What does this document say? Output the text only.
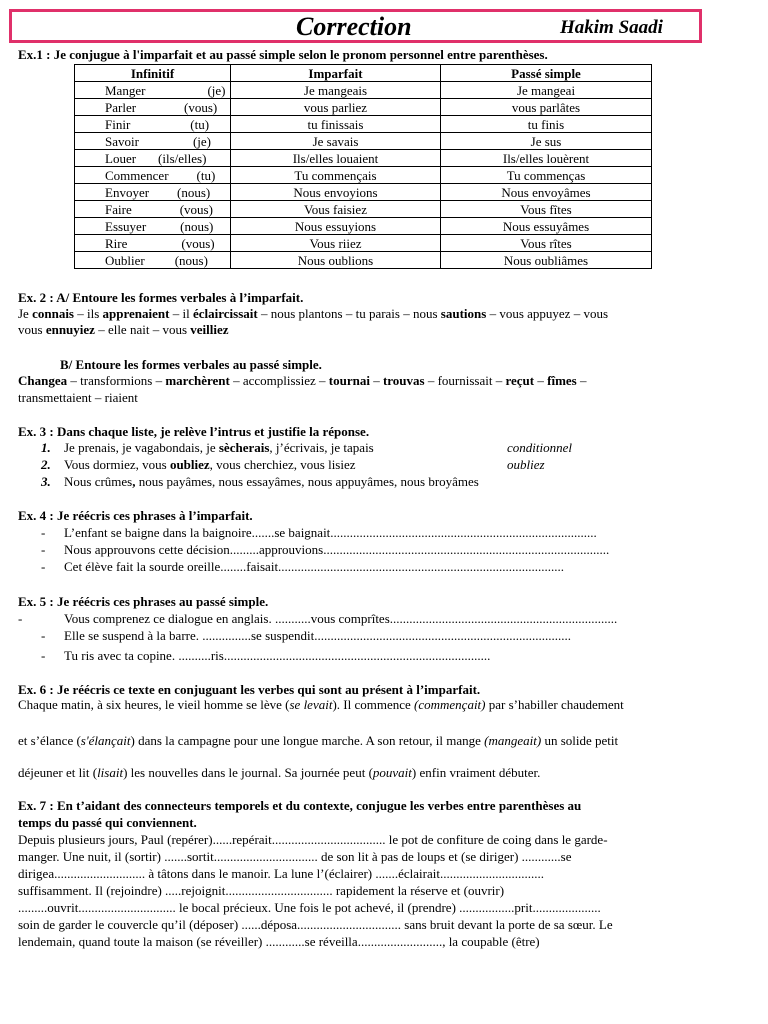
Correction	Hakim Saadi
Ex.1 : Je conjugue à l'imparfait et au passé simple selon le pronom personnel entre parenthèses.
Infinitif	Imparfait	Passé simple
Manger (je)	Je mangeais	Je mangeai
Parler (vous)	vous parliez	vous parlâtes
Finir (tu)	tu finissais	tu finis
Savoir (je)	Je savais	Je sus
Louer (ils/elles)	Ils/elles louaient	Ils/elles louèrent
Commencer (tu)	Tu commençais	Tu commenças
Envoyer (nous)	Nous envoyions	Nous envoyâmes
Faire (vous)	Vous faisiez	Vous fîtes
Essuyer (nous)	Nous essuyions	Nous essuyâmes
Rire (vous)	Vous riiez	Vous rîtes
Oublier (nous)	Nous oublions	Nous oubliâmes
Ex. 2 : A/ Entoure les formes verbales à l’imparfait.
Je connais – ils apprenaient – il éclaircissait – nous plantons – tu parais – nous sautions – vous appuyez – vous
vous ennuyiez – elle nait – vous veilliez
B/ Entoure les formes verbales au passé simple.
Changea – transformions – marchèrent – accomplissiez – tournai – trouvas – fournissait – reçut – fîmes –
transmettaient – riaient
Ex. 3 : Dans chaque liste, je relève l’intrus et justifie la réponse.
1. Je prenais, je vagabondais, je sècherais, j’écrivais, je tapais	conditionnel
2. Vous dormiez, vous oubliez, vous cherchiez, vous lisiez	oubliez
3. Nous crûmes, nous payâmes, nous essayâmes, nous appuyâmes, nous broyâmes
Ex. 4 : Je réécris ces phrases à l’imparfait.
- L’enfant se baigne dans la baignoire.......se baignait..................................................................................
- Nous approuvons cette décision.........approuvions........................................................................................
- Cet élève fait la sourde oreille........faisait........................................................................................
Ex. 5 : Je réécris ces phrases au passé simple.
-	Vous comprenez ce dialogue en anglais. ...........vous comprîtes......................................................................
- Elle se suspend à la barre. ...............se suspendit...............................................................................
- Tu ris avec ta copine. ..........ris..................................................................................
Ex. 6 : Je réécris ce texte en conjuguant les verbes qui sont au présent à l’imparfait.
Chaque matin, à six heures, le vieil homme se lève (se levait). Il commence (commençait) par s’habiller chaudement
et s’élance (s'élançait) dans la campagne pour une longue marche. A son retour, il mange (mangeait) un solide petit
déjeuner et lit (lisait) les nouvelles dans le journal. Sa journée peut (pouvait) enfin vraiment débuter.
Ex. 7 : En t’aidant des connecteurs temporels et du contexte, conjugue les verbes entre parenthèses au
temps du passé qui conviennent.
Depuis plusieurs jours, Paul (repérer)......repérait................................... le pot de confiture de coing dans le garde-
manger. Une nuit, il (sortir) .......sortit................................ de son lit à pas de loups et (se diriger) ............se
dirigea............................ à tâtons dans le manoir. La lune l’(éclairer) .......éclairait................................
suffisamment. Il (rejoindre) .....rejoignit................................. rapidement la réserve et (ouvrir)
.........ouvrit.............................. le bocal précieux. Une fois le pot achevé, il (prendre) .................prit.....................
soin de garder le couvercle qu’il (déposer) ......déposa................................ sans bruit devant la porte de sa sœur. Le
lendemain, quand toute la maison (se réveiller) ............se réveilla.........................., la coupable (être)
